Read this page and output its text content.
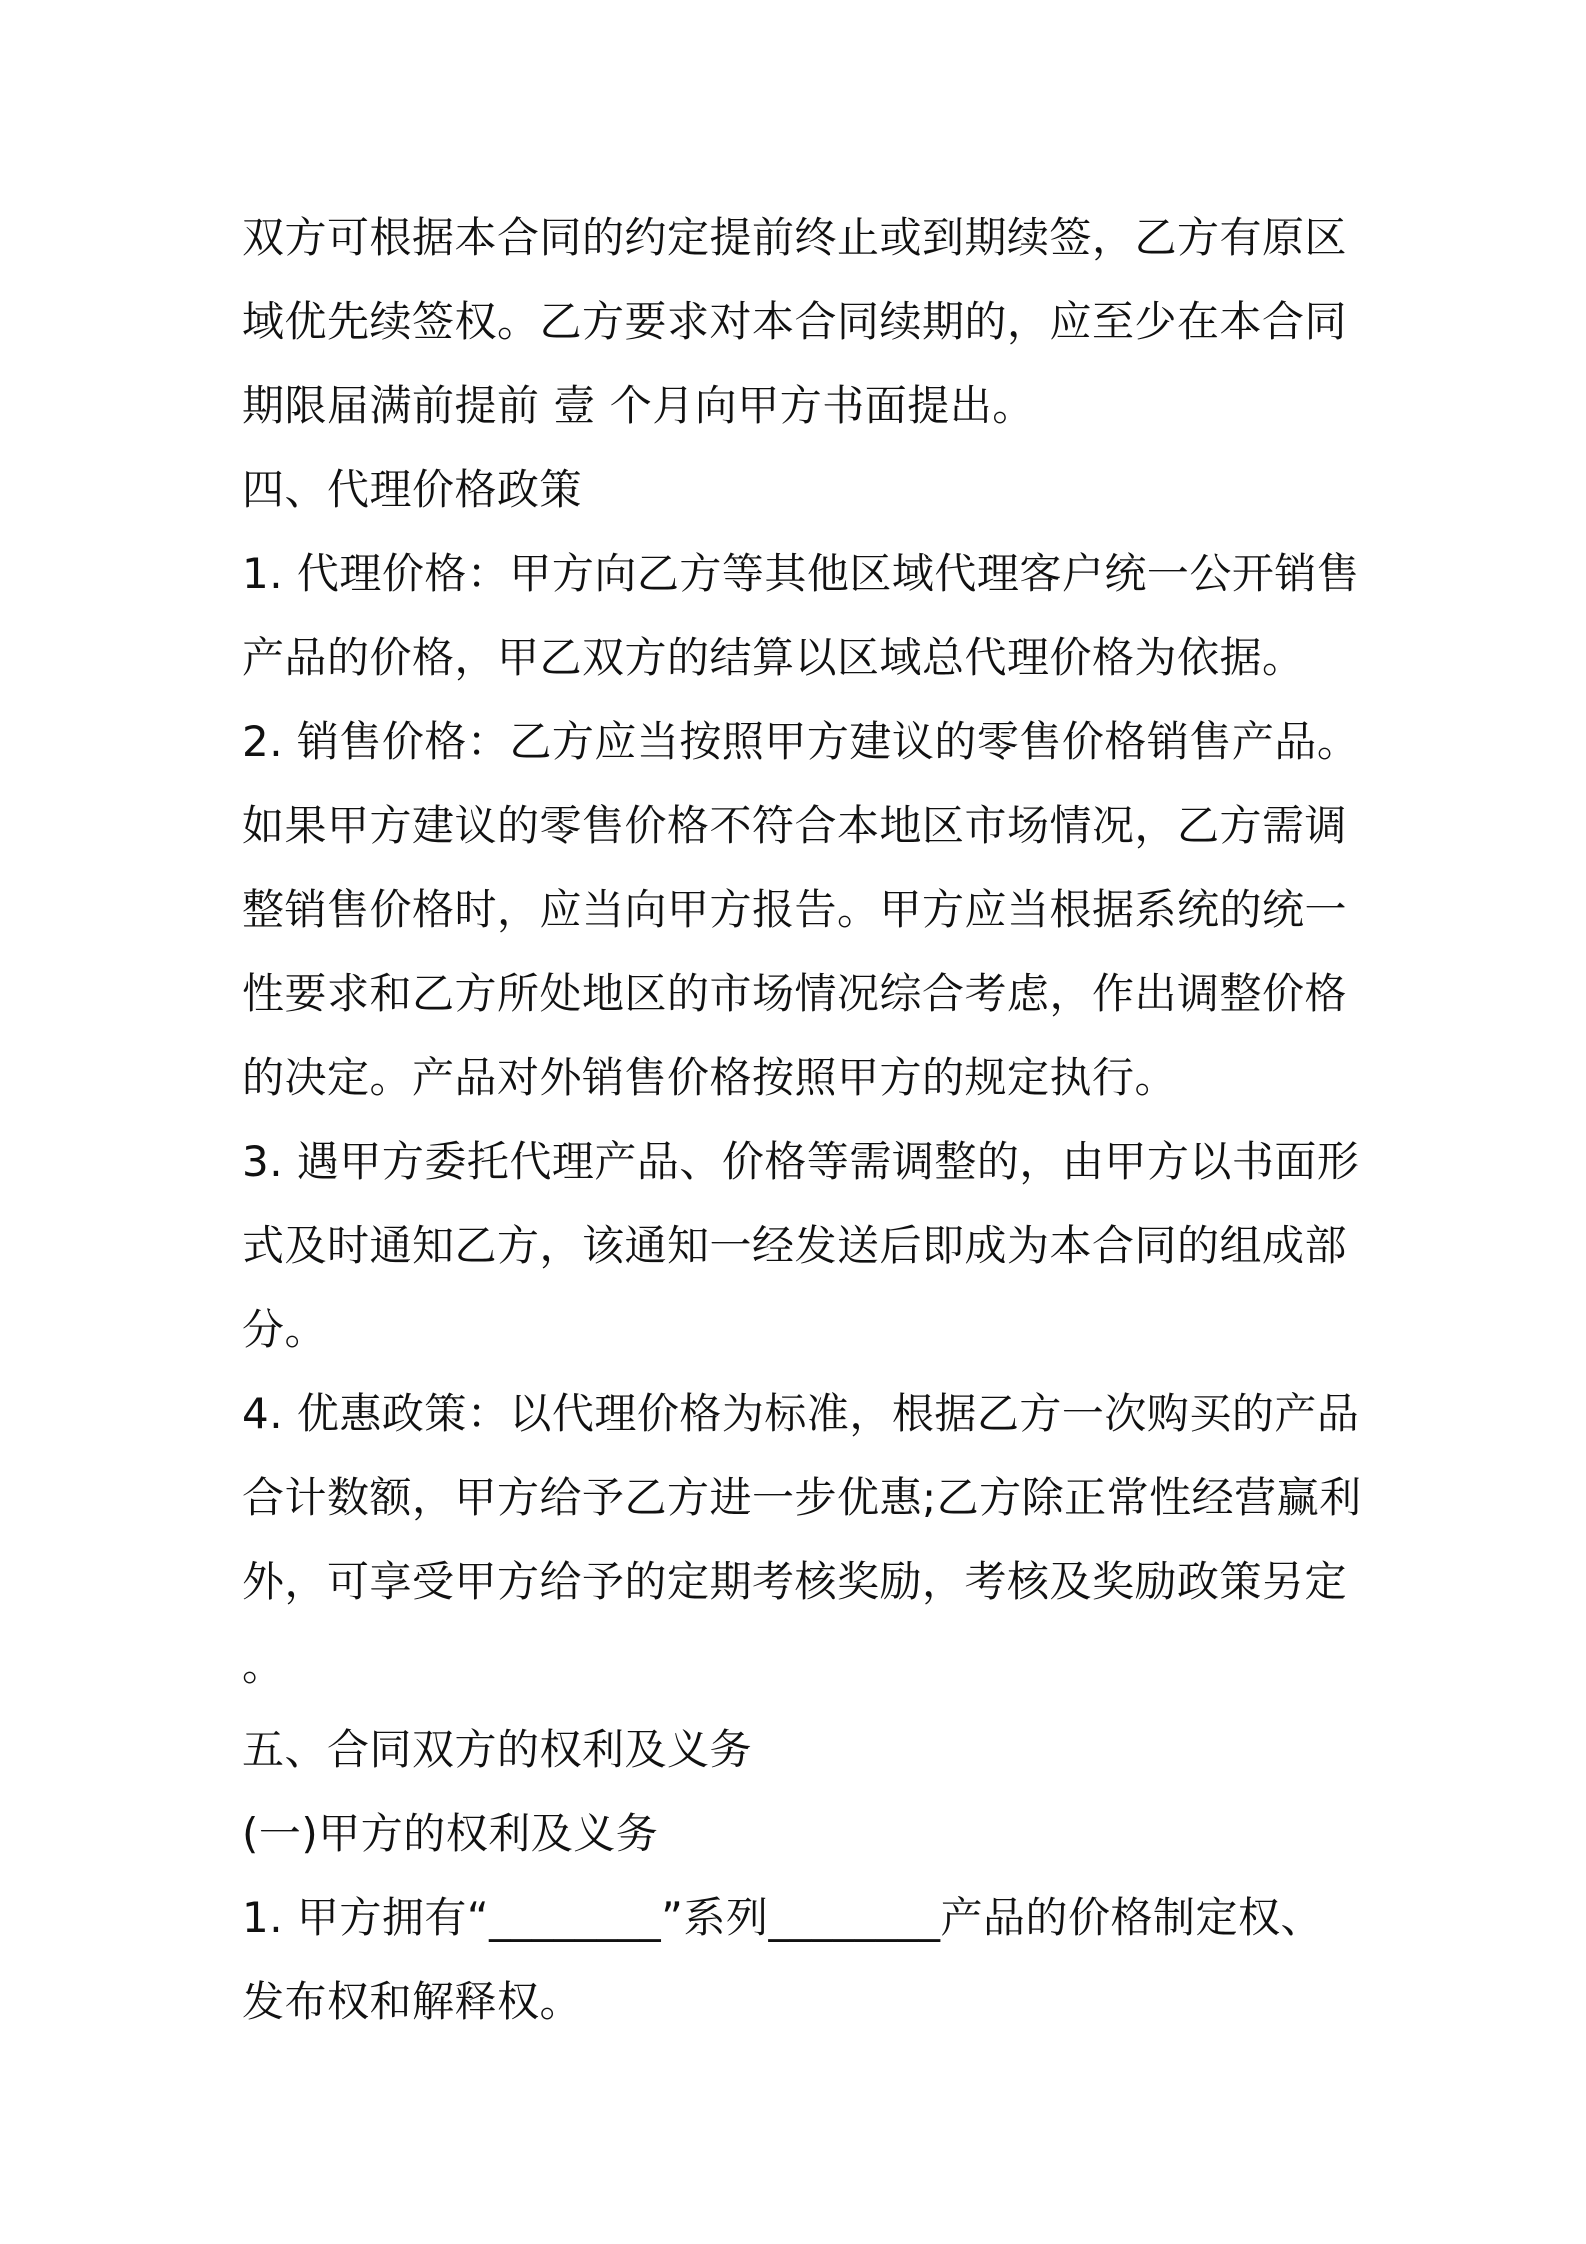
双方可根据本合同的约定提前终止或到期续签，乙方有原区
域优先续签权。乙方要求对本合同续期的，应至少在本合同
期限届满前提前 壹 个月向甲方书面提出。
四、代理价格政策
1. 代理价格：甲方向乙方等其他区域代理客户统一公开销售
产品的价格，甲乙双方的结算以区域总代理价格为依据。
2. 销售价格：乙方应当按照甲方建议的零售价格销售产品。
如果甲方建议的零售价格不符合本地区市场情况，乙方需调
整销售价格时，应当向甲方报告。甲方应当根据系统的统一
性要求和乙方所处地区的市场情况综合考虑，作出调整价格
的决定。产品对外销售价格按照甲方的规定执行。
3. 遇甲方委托代理产品、价格等需调整的，由甲方以书面形
式及时通知乙方，该通知一经发送后即成为本合同的组成部
分。
4. 优惠政策：以代理价格为标准，根据乙方一次购买的产品
合计数额，甲方给予乙方进一步优惠;乙方除正常性经营赢利
外，可享受甲方给予的定期考核奖励，考核及奖励政策另定
。
五、合同双方的权利及义务
(一)甲方的权利及义务
1. 甲方拥有“________”系列________产品的价格制定权、
发布权和解释权。
